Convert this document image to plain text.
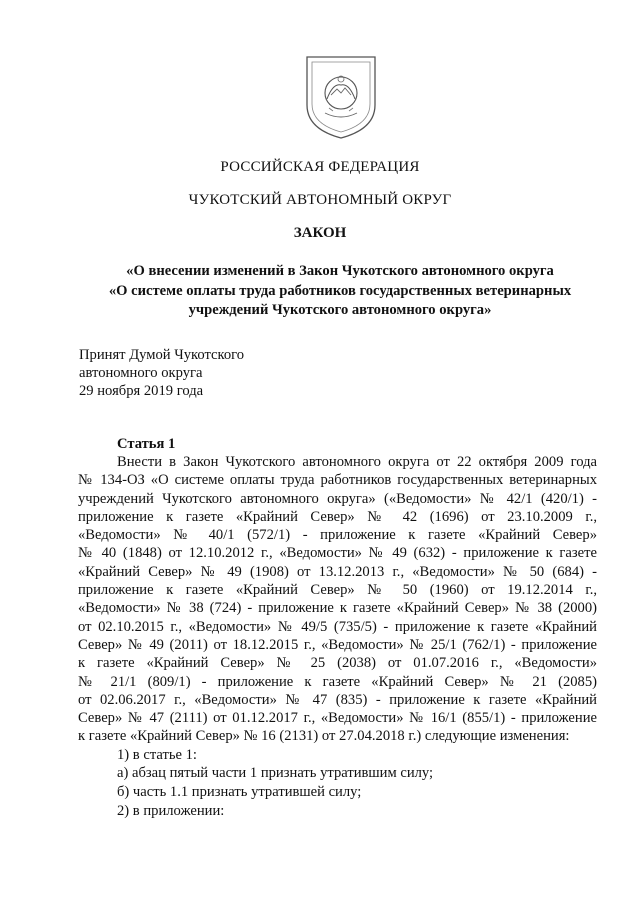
РОССИЙСКАЯ ФЕДЕРАЦИЯ
ЧУКОТСКИЙ АВТОНОМНЫЙ ОКРУГ
ЗАКОН
«О внесении изменений в Закон Чукотского автономного округа
«О системе оплаты труда работников государственных ветеринарных
учреждений Чукотского автономного округа»
Принят Думой Чукотского
автономного округа
29 ноября 2019 года
Статья 1
Внести в Закон Чукотского автономного округа от 22 октября 2009 года
№ 134-ОЗ «О системе оплаты труда работников государственных ветеринарных
учреждений Чукотского автономного округа» («Ведомости» № 42/1 (420/1) -
приложение к газете «Крайний Север» № 42 (1696) от 23.10.2009 г.,
«Ведомости» № 40/1 (572/1) - приложение к газете «Крайний Север»
№ 40 (1848) от 12.10.2012 г., «Ведомости» № 49 (632) - приложение к газете
«Крайний Север» № 49 (1908) от 13.12.2013 г., «Ведомости» № 50 (684) -
приложение к газете «Крайний Север» № 50 (1960) от 19.12.2014 г.,
«Ведомости» № 38 (724) - приложение к газете «Крайний Север» № 38 (2000)
от 02.10.2015 г., «Ведомости» № 49/5 (735/5) - приложение к газете «Крайний
Север» № 49 (2011) от 18.12.2015 г., «Ведомости» № 25/1 (762/1) - приложение
к газете «Крайний Север» № 25 (2038) от 01.07.2016 г., «Ведомости»
№ 21/1 (809/1) - приложение к газете «Крайний Север» № 21 (2085)
от 02.06.2017 г., «Ведомости» № 47 (835) - приложение к газете «Крайний
Север» № 47 (2111) от 01.12.2017 г., «Ведомости» № 16/1 (855/1) - приложение
к газете «Крайний Север» № 16 (2131) от 27.04.2018 г.) следующие изменения:
1) в статье 1:
а) абзац пятый части 1 признать утратившим силу;
б) часть 1.1 признать утратившей силу;
2) в приложении:
